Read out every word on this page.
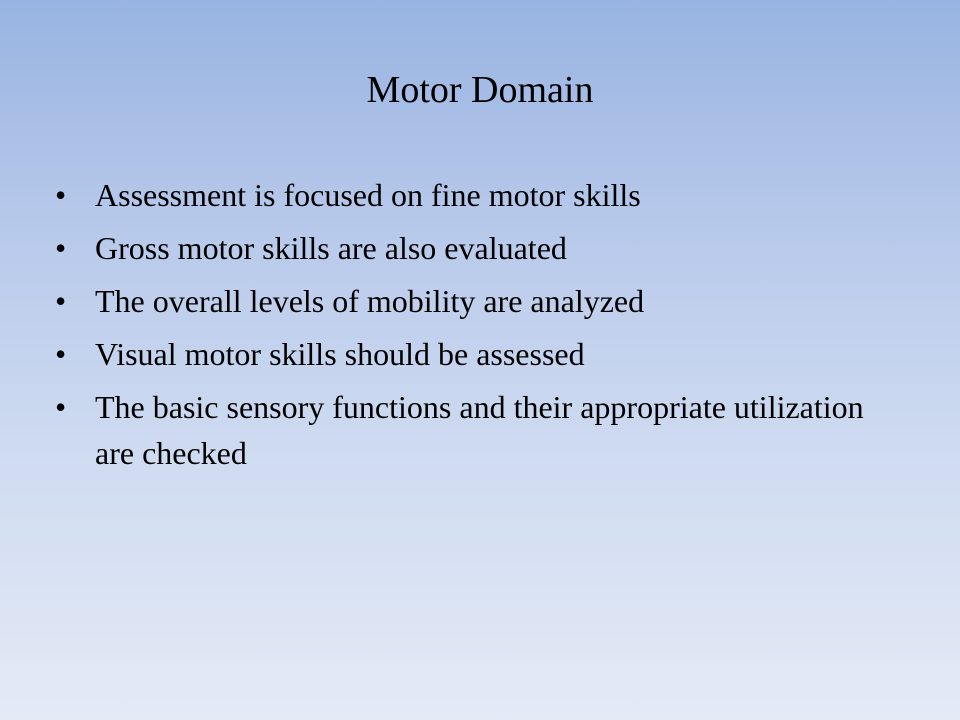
Motor Domain
• Assessment is focused on fine motor skills
• Gross motor skills are also evaluated
• The overall levels of mobility are analyzed
• Visual motor skills should be assessed
• The basic sensory functions and their appropriate utilization are checked
